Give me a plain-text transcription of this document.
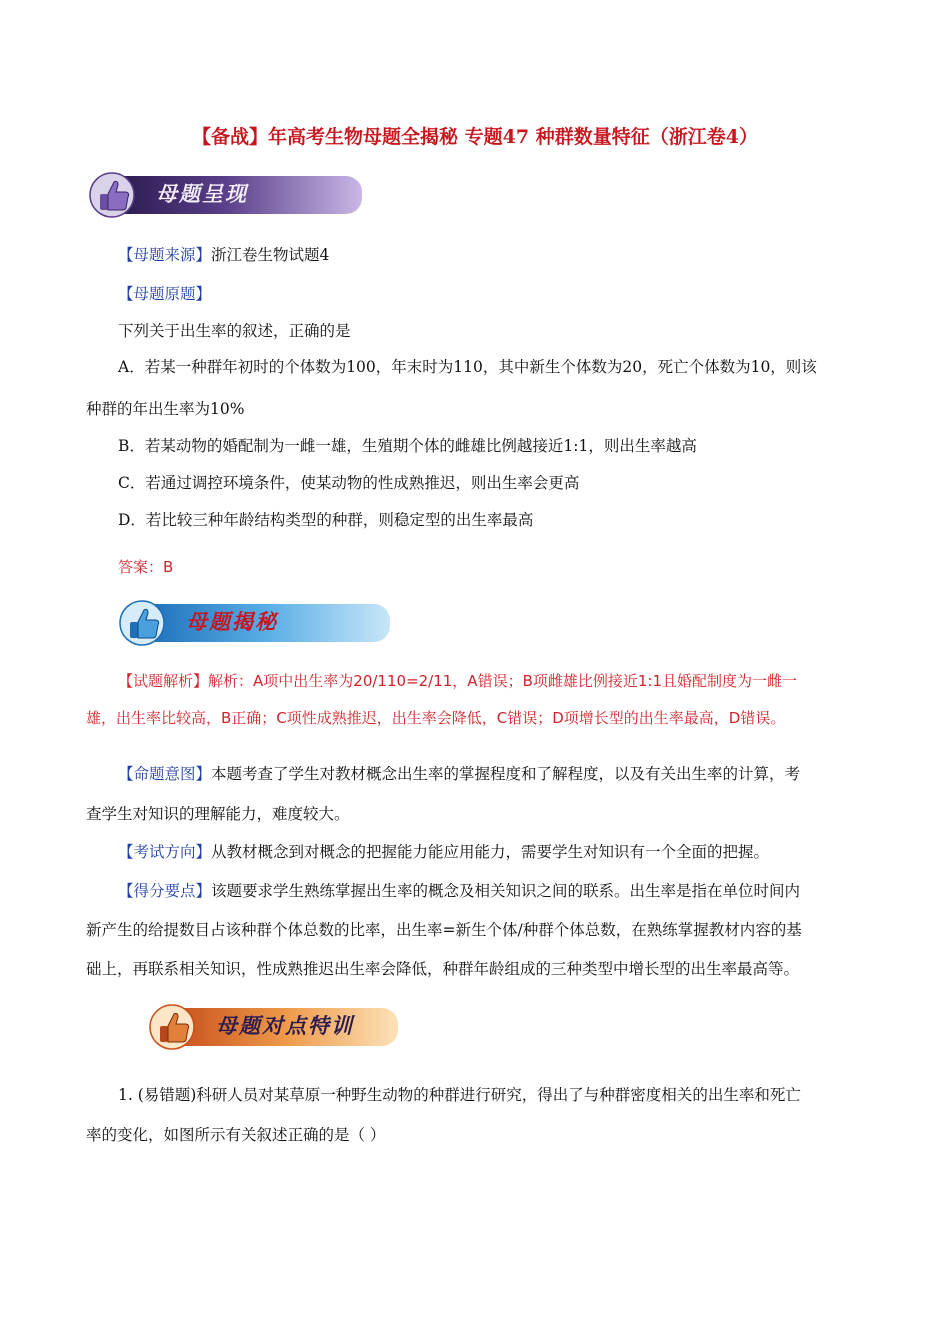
【备战】年高考生物母题全揭秘 专题47 种群数量特征（浙江卷4）
母题呈现
【母题来源】浙江卷生物试题4
【母题原题】
下列关于出生率的叙述，正确的是
A．若某一种群年初时的个体数为100，年末时为110，其中新生个体数为20，死亡个体数为10，则该
种群的年出生率为10%
B．若某动物的婚配制为一雌一雄，生殖期个体的雌雄比例越接近1:1，则出生率越高
C．若通过调控环境条件，使某动物的性成熟推迟，则出生率会更高
D．若比较三种年龄结构类型的种群，则稳定型的出生率最高
答案：B
母题揭秘
【试题解析】解析：A项中出生率为20/110=2/11，A错误；B项雌雄比例接近1:1且婚配制度为一雌一
雄，出生率比较高，B正确；C项性成熟推迟，出生率会降低，C错误；D项增长型的出生率最高，D错误。
【命题意图】本题考查了学生对教材概念出生率的掌握程度和了解程度，以及有关出生率的计算，考
查学生对知识的理解能力，难度较大。
【考试方向】从教材概念到对概念的把握能力能应用能力，需要学生对知识有一个全面的把握。
【得分要点】该题要求学生熟练掌握出生率的概念及相关知识之间的联系。出生率是指在单位时间内
新产生的给提数目占该种群个体总数的比率，出生率=新生个体/种群个体总数，在熟练掌握教材内容的基
础上，再联系相关知识，性成熟推迟出生率会降低，种群年龄组成的三种类型中增长型的出生率最高等。
母题对点特训
1. (易错题)科研人员对某草原一种野生动物的种群进行研究，得出了与种群密度相关的出生率和死亡
率的变化，如图所示有关叙述正确的是（ ）
